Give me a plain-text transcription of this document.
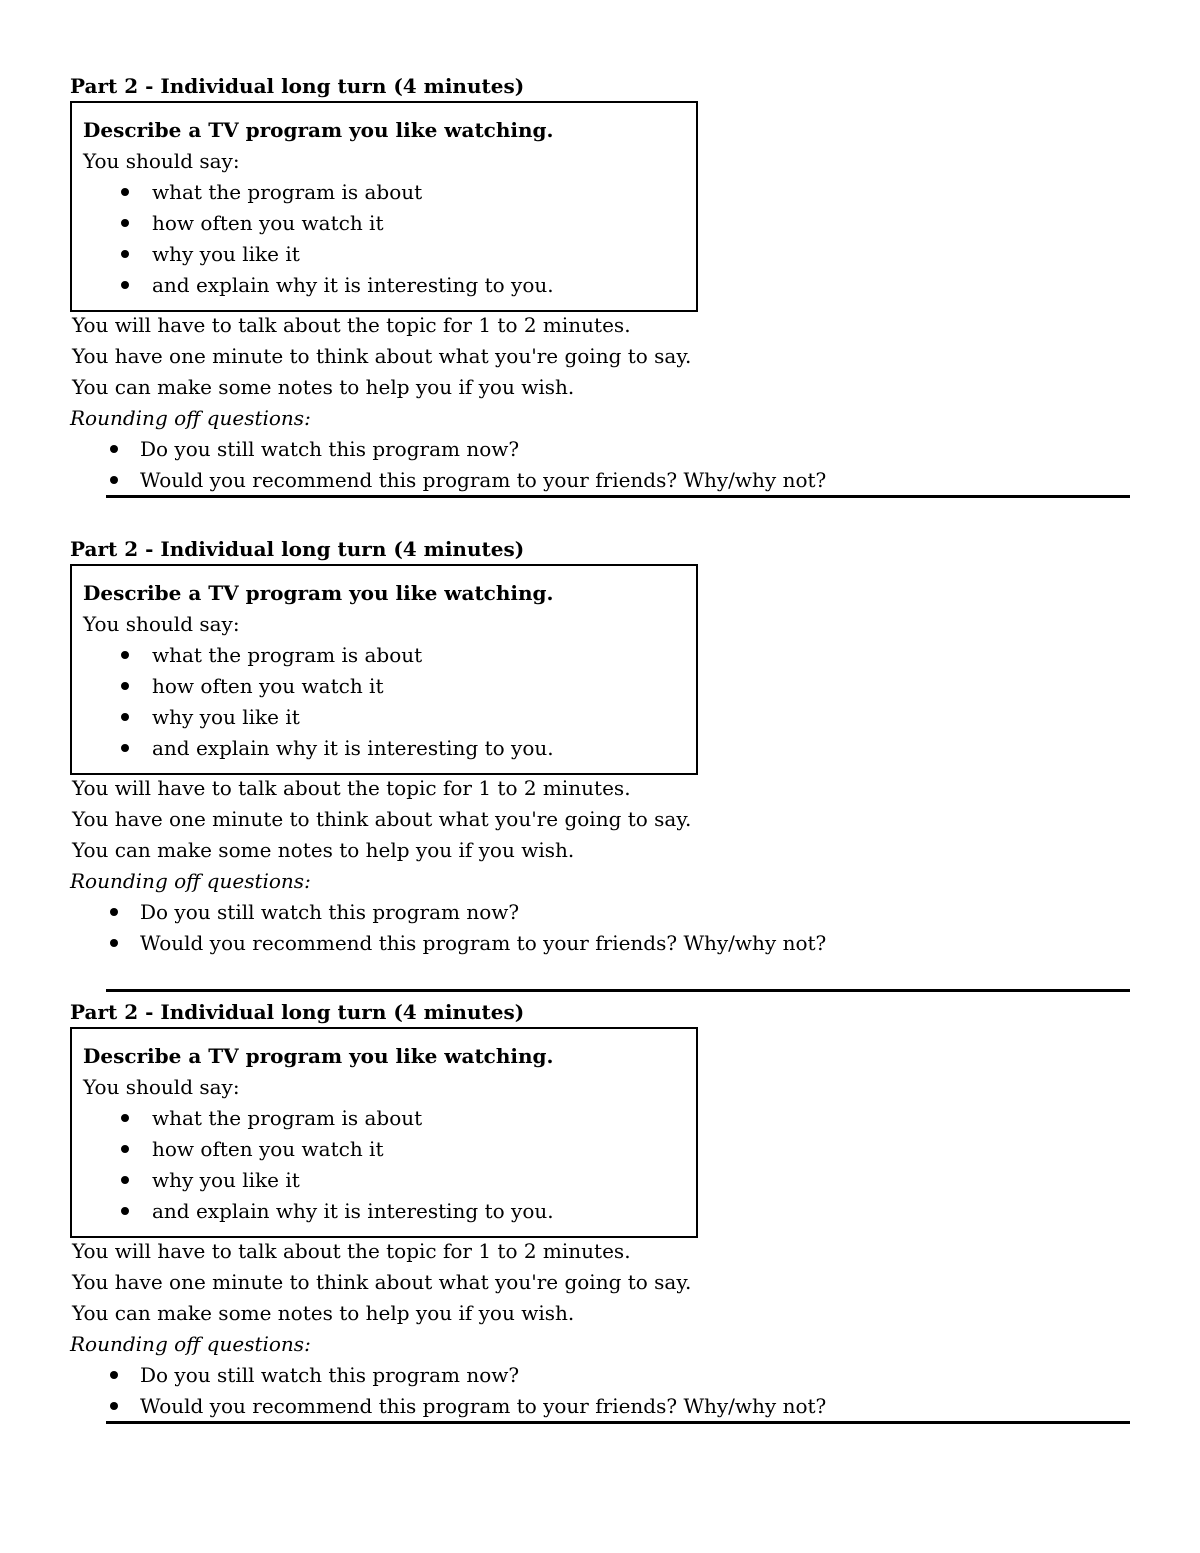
Part 2 - Individual long turn (4 minutes)
Describe a TV program you like watching.
You should say:
what the program is about
how often you watch it
why you like it
and explain why it is interesting to you.
You will have to talk about the topic for 1 to 2 minutes.
You have one minute to think about what you're going to say.
You can make some notes to help you if you wish.
Rounding off questions:
Do you still watch this program now?
Would you recommend this program to your friends? Why/why not?
Part 2 - Individual long turn (4 minutes)
Describe a TV program you like watching.
You should say:
what the program is about
how often you watch it
why you like it
and explain why it is interesting to you.
You will have to talk about the topic for 1 to 2 minutes.
You have one minute to think about what you're going to say.
You can make some notes to help you if you wish.
Rounding off questions:
Do you still watch this program now?
Would you recommend this program to your friends? Why/why not?
Part 2 - Individual long turn (4 minutes)
Describe a TV program you like watching.
You should say:
what the program is about
how often you watch it
why you like it
and explain why it is interesting to you.
You will have to talk about the topic for 1 to 2 minutes.
You have one minute to think about what you're going to say.
You can make some notes to help you if you wish.
Rounding off questions:
Do you still watch this program now?
Would you recommend this program to your friends? Why/why not?
